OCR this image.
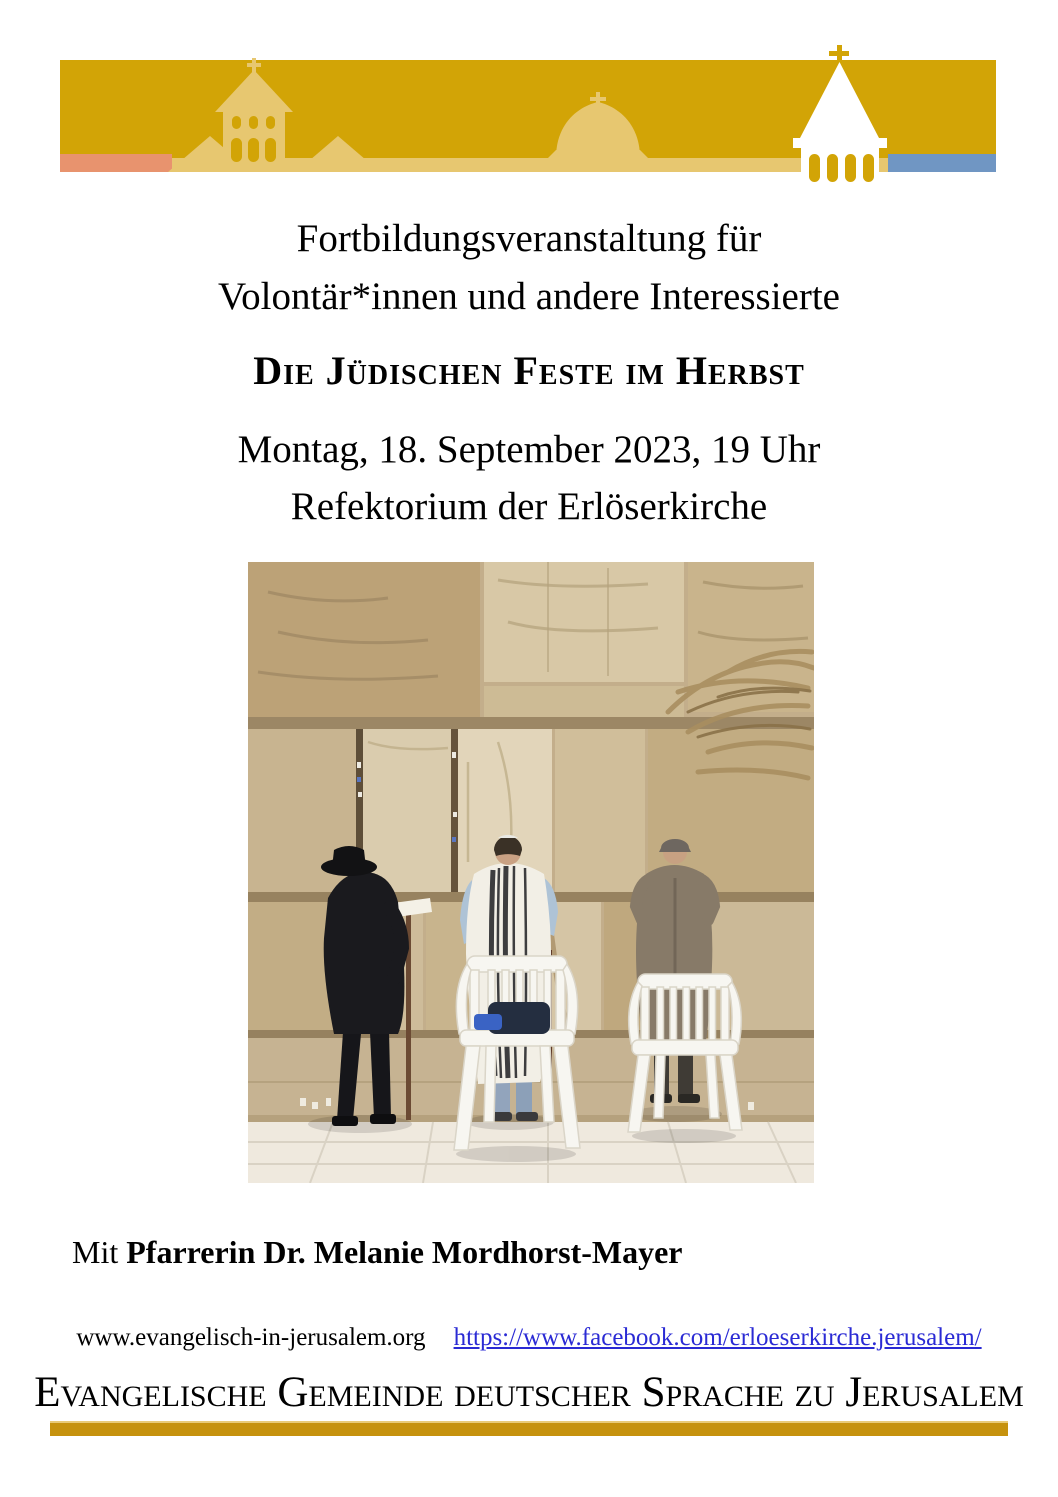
Fortbildungsveranstaltung für
Volontär*innen und andere Interessierte
Die Jüdischen Feste im Herbst
Montag, 18. September 2023, 19 Uhr
Refektorium der Erlöserkirche
Mit Pfarrerin Dr. Melanie Mordhorst-Mayer
www.evangelisch-in-jerusalem.org https://www.facebook.com/erloeserkirche.jerusalem/
Evangelische Gemeinde deutscher Sprache zu Jerusalem
